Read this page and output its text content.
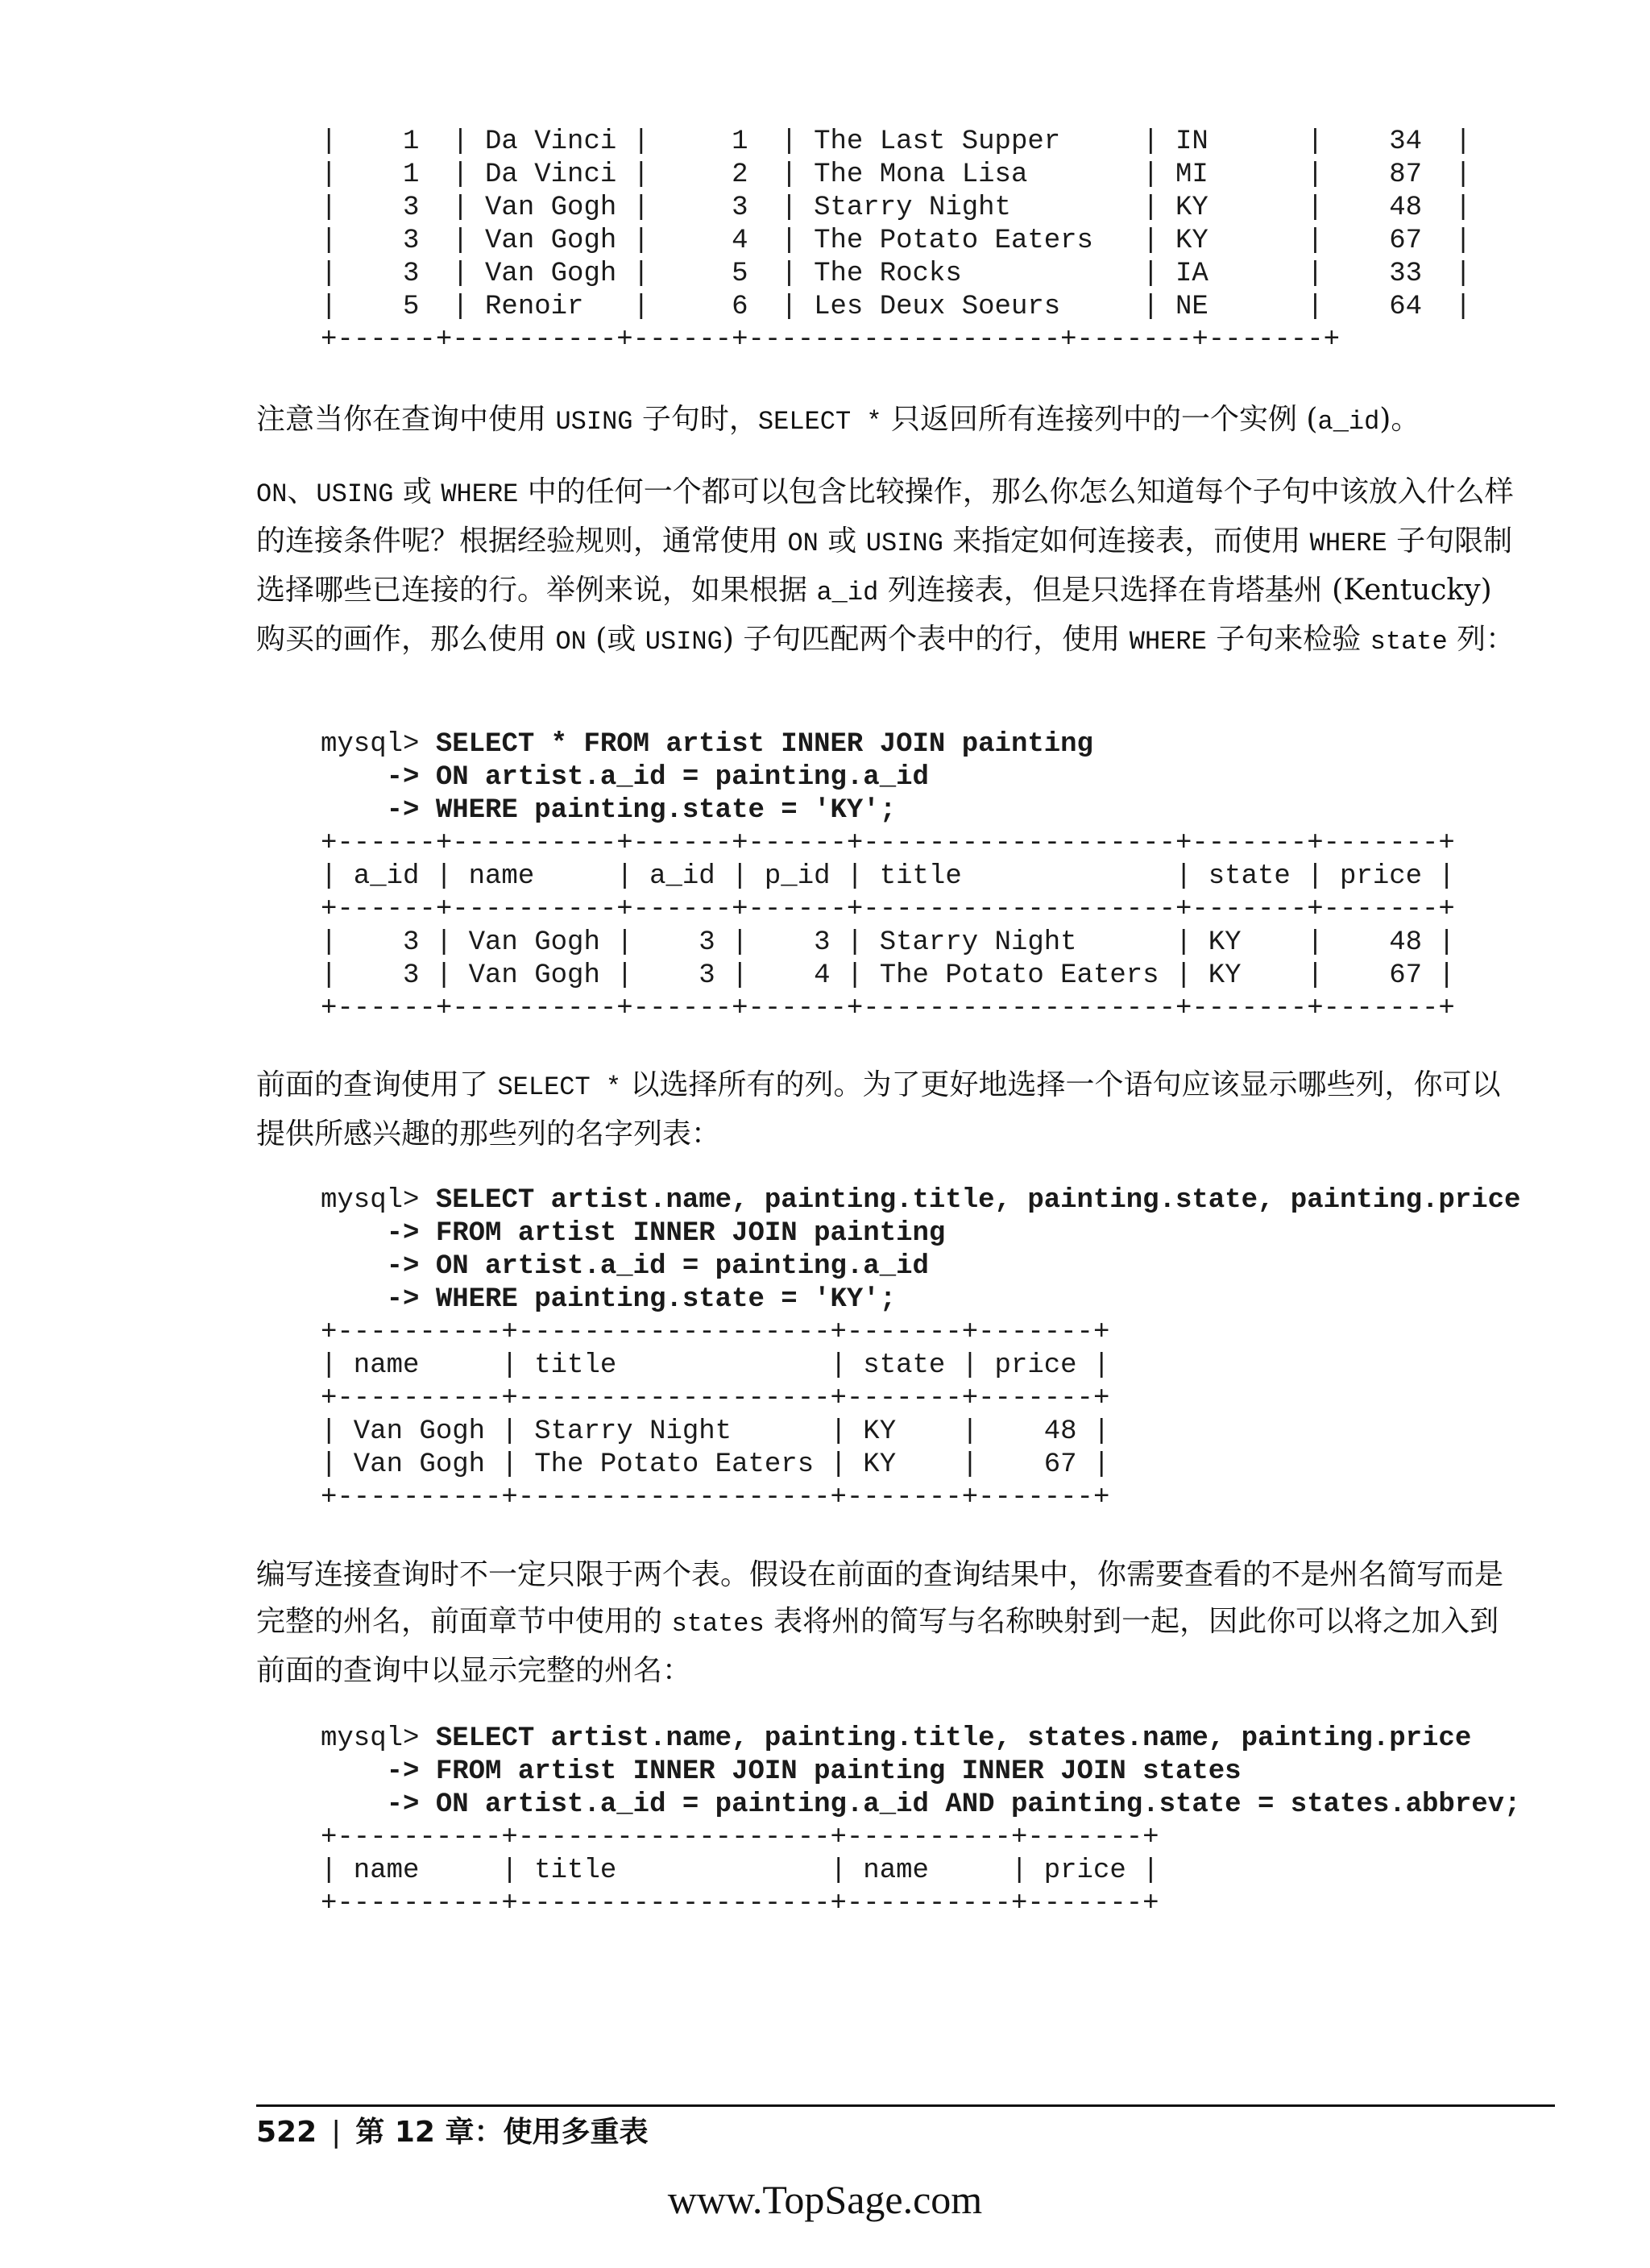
|    1  | Da Vinci |     1  | The Last Supper     | IN      |    34  |
|    1  | Da Vinci |     2  | The Mona Lisa       | MI      |    87  |
|    3  | Van Gogh |     3  | Starry Night        | KY      |    48  |
|    3  | Van Gogh |     4  | The Potato Eaters   | KY      |    67  |
|    3  | Van Gogh |     5  | The Rocks           | IA      |    33  |
|    5  | Renoir   |     6  | Les Deux Soeurs     | NE      |    64  |
+------+----------+------+-------------------+-------+-------+
注意当你在查询中使用 USING 子句时，SELECT * 只返回所有连接列中的一个实例 (a_id)。
ON、USING 或 WHERE 中的任何一个都可以包含比较操作，那么你怎么知道每个子句中该放入什么样的连接条件呢？根据经验规则，通常使用 ON 或 USING 来指定如何连接表，而使用 WHERE 子句限制选择哪些已连接的行。举例来说，如果根据 a_id 列连接表，但是只选择在肯塔基州 (Kentucky) 购买的画作，那么使用 ON (或 USING) 子句匹配两个表中的行，使用 WHERE 子句来检验 state 列：
mysql> SELECT * FROM artist INNER JOIN painting
-> ON artist.a_id = painting.a_id
-> WHERE painting.state = 'KY';
+------+----------+------+------+-------------------+-------+-------+
| a_id | name     | a_id | p_id | title             | state | price |
+------+----------+------+------+-------------------+-------+-------+
|    3 | Van Gogh |    3 |    3 | Starry Night      | KY    |    48 |
|    3 | Van Gogh |    3 |    4 | The Potato Eaters | KY    |    67 |
+------+----------+------+------+-------------------+-------+-------+
前面的查询使用了 SELECT * 以选择所有的列。为了更好地选择一个语句应该显示哪些列，你可以提供所感兴趣的那些列的名字列表：
mysql> SELECT artist.name, painting.title, painting.state, painting.price
-> FROM artist INNER JOIN painting
-> ON artist.a_id = painting.a_id
-> WHERE painting.state = 'KY';
+----------+-------------------+-------+-------+
| name     | title             | state | price |
+----------+-------------------+-------+-------+
| Van Gogh | Starry Night      | KY    |    48 |
| Van Gogh | The Potato Eaters | KY    |    67 |
+----------+-------------------+-------+-------+
编写连接查询时不一定只限于两个表。假设在前面的查询结果中，你需要查看的不是州名简写而是完整的州名，前面章节中使用的 states 表将州的简写与名称映射到一起，因此你可以将之加入到前面的查询中以显示完整的州名：
mysql> SELECT artist.name, painting.title, states.name, painting.price
-> FROM artist INNER JOIN painting INNER JOIN states
-> ON artist.a_id = painting.a_id AND painting.state = states.abbrev;
+----------+-------------------+----------+-------+
| name     | title             | name     | price |
+----------+-------------------+----------+-------+
522 | 第 12 章：使用多重表
www.TopSage.com
